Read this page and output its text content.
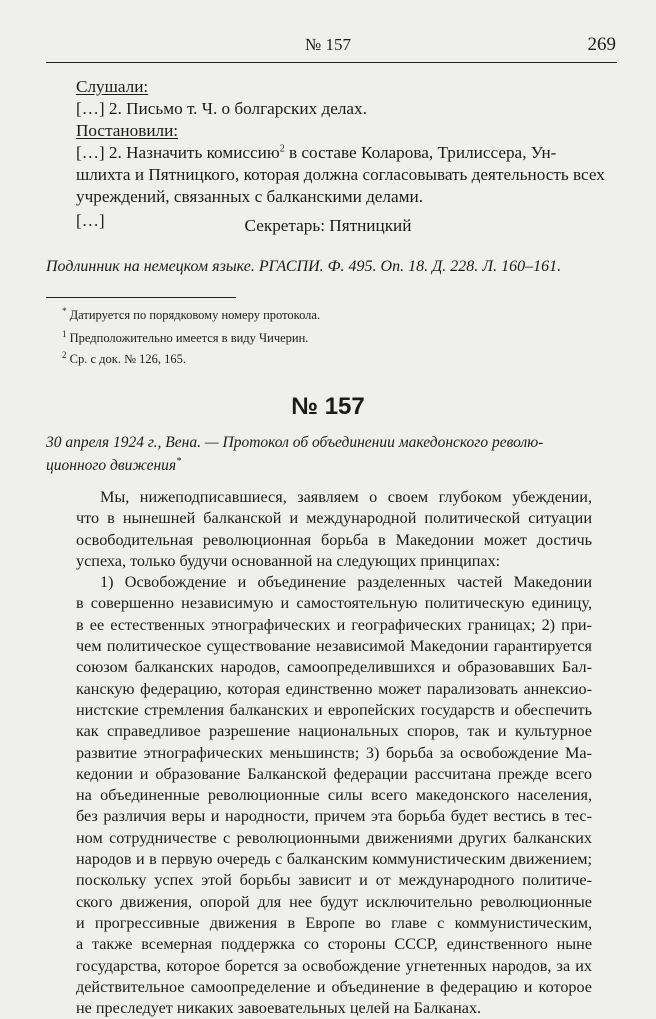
№ 157	269
Слушали:
[…] 2. Письмо т. Ч. о болгарских делах.
Постановили:
[…] 2. Назначить комиссию$^2$ в составе Коларова, Трилиссера, Ун-
шлихта и Пятницкого, которая должна согласовывать деятельность всех
учреждений, связанных с балканскими делами.
[…]	Секретарь: Пятницкий
Подлинник на немецком языке. РГАСПИ. Ф. 495. Оп. 18. Д. 228. Л. 160–161.
* Датируется по порядковому номеру протокола.
$^1$ Предположительно имеется в виду Чичерин.
$^2$ Ср. с док. № 126, 165.
№ 157
30 апреля 1924 г., Вена. — Протокол об объединении македонского револю-
ционного движения*
Мы, нижеподписавшиеся, заявляем о своем глубоком убеждении,
что в нынешней балканской и международной политической ситуации
освободительная революционная борьба в Македонии может достичь
успеха, только будучи основанной на следующих принципах:
1) Освобождение и объединение разделенных частей Македонии
в совершенно независимую и самостоятельную политическую единицу,
в ее естественных этнографических и географических границах; 2) при-
чем политическое существование независимой Македонии гарантируется
союзом балканских народов, самоопределившихся и образовавших Бал-
канскую федерацию, которая единственно может парализовать аннексио-
нистские стремления балканских и европейских государств и обеспечить
как справедливое разрешение национальных споров, так и культурное
развитие этнографических меньшинств; 3) борьба за освобождение Ма-
кедонии и образование Балканской федерации рассчитана прежде всего
на объединенные революционные силы всего македонского населения,
без различия веры и народности, причем эта борьба будет вестись в тес-
ном сотрудничестве с революционными движениями других балканских
народов и в первую очередь с балканским коммунистическим движением;
поскольку успех этой борьбы зависит и от международного политиче-
ского движения, опорой для нее будут исключительно революционные
и прогрессивные движения в Европе во главе с коммунистическим,
а также всемерная поддержка со стороны СССР, единственного ныне
государства, которое борется за освобождение угнетенных народов, за их
действительное самоопределение и объединение в федерацию и которое
не преследует никаких завоевательных целей на Балканах.
